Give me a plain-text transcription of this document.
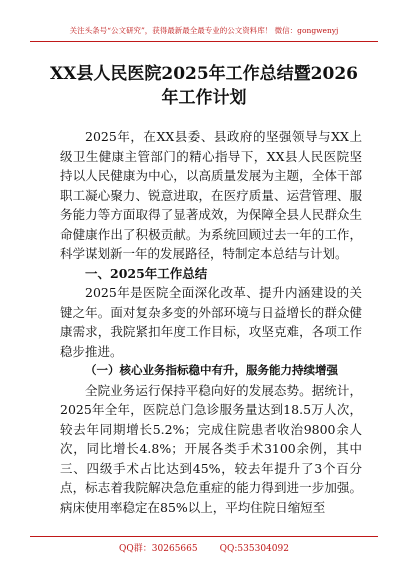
关注头条号“公文研究”，获得最新最全最专业的公文资料库！ 微信：gongwenyj
XX县人民医院2025年工作总结暨2026
年工作计划

2025年，在XX县委、县政府的坚强领导与XX上级卫生健康主管部门的精心指导下，XX县人民医院坚持以人民健康为中心，以高质量发展为主题，全体干部职工凝心聚力、锐意进取，在医疗质量、运营管理、服务能力等方面取得了显著成效，为保障全县人民群众生命健康作出了积极贡献。为系统回顾过去一年的工作，科学谋划新一年的发展路径，特制定本总结与计划。

一、2025年工作总结

2025年是医院全面深化改革、提升内涵建设的关键之年。面对复杂多变的外部环境与日益增长的群众健康需求，我院紧扣年度工作目标，攻坚克难，各项工作稳步推进。

（一）核心业务指标稳中有升，服务能力持续增强

全院业务运行保持平稳向好的发展态势。据统计，2025年全年，医院总门急诊服务量达到18.5万人次，较去年同期增长5.2%；完成住院患者收治9800余人次，同比增长4.8%；开展各类手术3100余例，其中三、四级手术占比达到45%，较去年提升了3个百分点，标志着我院解决急危重症的能力得到进一步加强。病床使用率稳定在85%以上，平均住院日缩短至

QQ群：30265665 QQ:535304092
